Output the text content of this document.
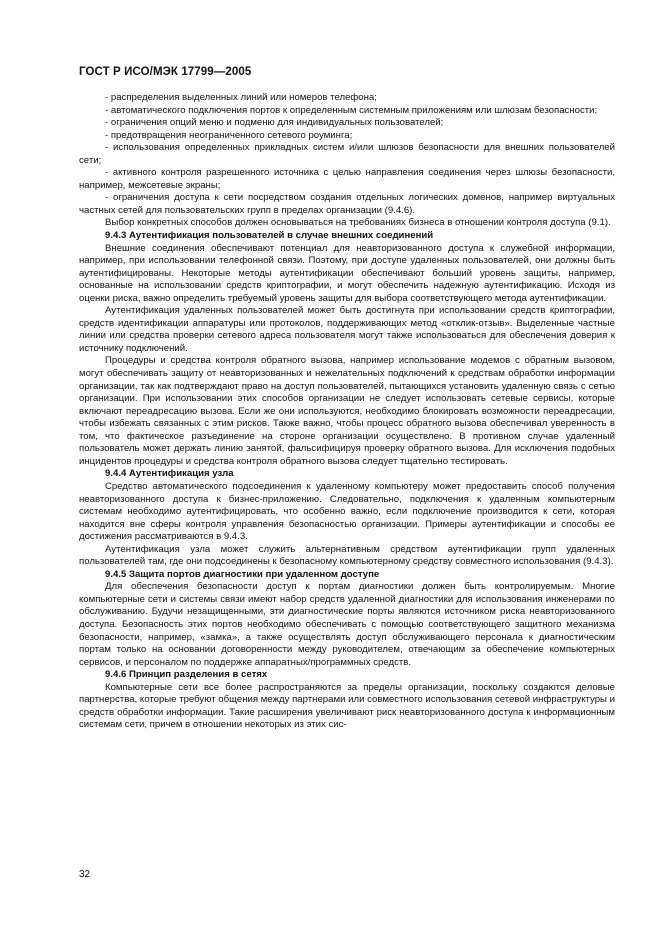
ГОСТ Р ИСО/МЭК 17799—2005

- распределения выделенных линий или номеров телефона;

- автоматического подключения портов к определенным системным приложениям или шлюзам безопасности;

- ограничения опций меню и подменю для индивидуальных пользователей;

- предотвращения неограниченного сетевого роуминга;

- использования определенных прикладных систем и/или шлюзов безопасности для внешних пользователей сети;

- активного контроля разрешенного источника с целью направления соединения через шлюзы безопасности, например, межсетевые экраны;

- ограничения доступа к сети посредством создания отдельных логических доменов, например виртуальных частных сетей для пользовательских групп в пределах организации (9.4.6).

Выбор конкретных способов должен основываться на требованиях бизнеса в отношении контроля доступа (9.1).

9.4.3 Аутентификация пользователей в случае внешних соединений

Внешние соединения обеспечивают потенциал для неавторизованного доступа к служебной информации, например, при использовании телефонной связи. Поэтому, при доступе удаленных пользователей, они должны быть аутентифицированы. Некоторые методы аутентификации обеспечивают больший уровень защиты, например, основанные на использовании средств криптографии, и могут обеспечить надежную аутентификацию. Исходя из оценки риска, важно определить требуемый уровень защиты для выбора соответствующего метода аутентификации.

Аутентификация удаленных пользователей может быть достигнута при использовании средств криптографии, средств идентификации аппаратуры или протоколов, поддерживающих метод «отклик-отзыв». Выделенные частные линии или средства проверки сетевого адреса пользователя могут также использоваться для обеспечения доверия к источнику подключений.

Процедуры и средства контроля обратного вызова, например использование модемов с обратным вызовом, могут обеспечивать защиту от неавторизованных и нежелательных подключений к средствам обработки информации организации, так как подтверждают право на доступ пользователей, пытающихся установить удаленную связь с сетью организации. При использовании этих способов организации не следует использовать сетевые сервисы, которые включают переадресацию вызова. Если же они используются, необходимо блокировать возможности переадресации, чтобы избежать связанных с этим рисков. Также важно, чтобы процесс обратного вызова обеспечивал уверенность в том, что фактическое разъединение на стороне организации осуществлено. В противном случае удаленный пользователь может держать линию занятой, фальсифицируя проверку обратного вызова. Для исключения подобных инцидентов процедуры и средства контроля обратного вызова следует тщательно тестировать.

9.4.4 Аутентификация узла

Средство автоматического подсоединения к удаленному компьютеру может предоставить способ получения неавторизованного доступа к бизнес-приложению. Следовательно, подключения к удаленным компьютерным системам необходимо аутентифицировать, что особенно важно, если подключение производится к сети, которая находится вне сферы контроля управления безопасностью организации. Примеры аутентификации и способы ее достижения рассматриваются в 9.4.3.

Аутентификация узла может служить альтернативным средством аутентификации групп удаленных пользователей там, где они подсоединены к безопасному компьютерному средству совместного использования (9.4.3).

9.4.5 Защита портов диагностики при удаленном доступе

Для обеспечения безопасности доступ к портам диагностики должен быть контролируемым. Многие компьютерные сети и системы связи имеют набор средств удаленной диагностики для использования инженерами по обслуживанию. Будучи незащищенными, эти диагностические порты являются источником риска неавторизованного доступа. Безопасность этих портов необходимо обеспечивать с помощью соответствующего защитного механизма безопасности, например, «замка», а также осуществлять доступ обслуживающего персонала к диагностическим портам только на основании договоренности между руководителем, отвечающим за обеспечение компьютерных сервисов, и персоналом по поддержке аппаратных/программных средств.

9.4.6 Принцип разделения в сетях

Компьютерные сети все более распространяются за пределы организации, поскольку создаются деловые партнерства, которые требуют общения между партнерами или совместного использования сетевой инфраструктуры и средств обработки информации. Такие расширения увеличивают риск неавторизованного доступа к информационным системам сети, причем в отношении некоторых из этих сис-

32
